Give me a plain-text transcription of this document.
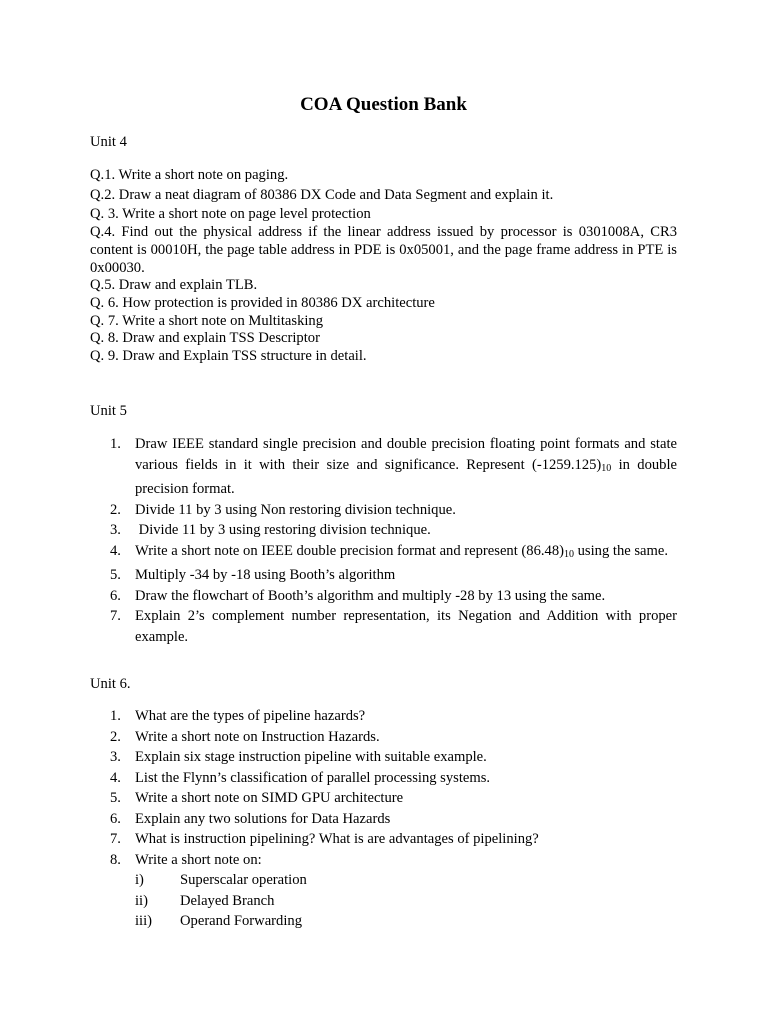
COA Question Bank
Unit 4
Q.1. Write a short note on paging.
Q.2. Draw a neat diagram of 80386 DX Code and Data Segment and explain it.
Q. 3. Write a short note on page level protection
Q.4. Find out the physical address if the linear address issued by processor is 0301008A, CR3 content is 00010H, the page table address in PDE is 0x05001, and the page frame address in PTE is 0x00030.
Q.5. Draw and explain TLB.
Q. 6. How protection is provided in 80386 DX architecture
Q. 7. Write a short note on Multitasking
Q. 8. Draw and explain TSS Descriptor
Q. 9. Draw and Explain TSS structure in detail.
Unit 5
1. Draw IEEE standard single precision and double precision floating point formats and state various fields in it with their size and significance. Represent $(-1259.125)_{10}$ in double precision format.
2. Divide 11 by 3 using Non restoring division technique.
3. Divide 11 by 3 using restoring division technique.
4. Write a short note on IEEE double precision format and represent $(86.48)_{10}$ using the same.
5. Multiply -34 by -18 using Booth’s algorithm
6. Draw the flowchart of Booth’s algorithm and multiply -28 by 13 using the same.
7. Explain 2’s complement number representation, its Negation and Addition with proper example.
Unit 6.
1. What are the types of pipeline hazards?
2. Write a short note on Instruction Hazards.
3. Explain six stage instruction pipeline with suitable example.
4. List the Flynn’s classification of parallel processing systems.
5. Write a short note on SIMD GPU architecture
6. Explain any two solutions for Data Hazards
7. What is instruction pipelining? What is are advantages of pipelining?
8. Write a short note on:
i) Superscalar operation
ii) Delayed Branch
iii) Operand Forwarding
